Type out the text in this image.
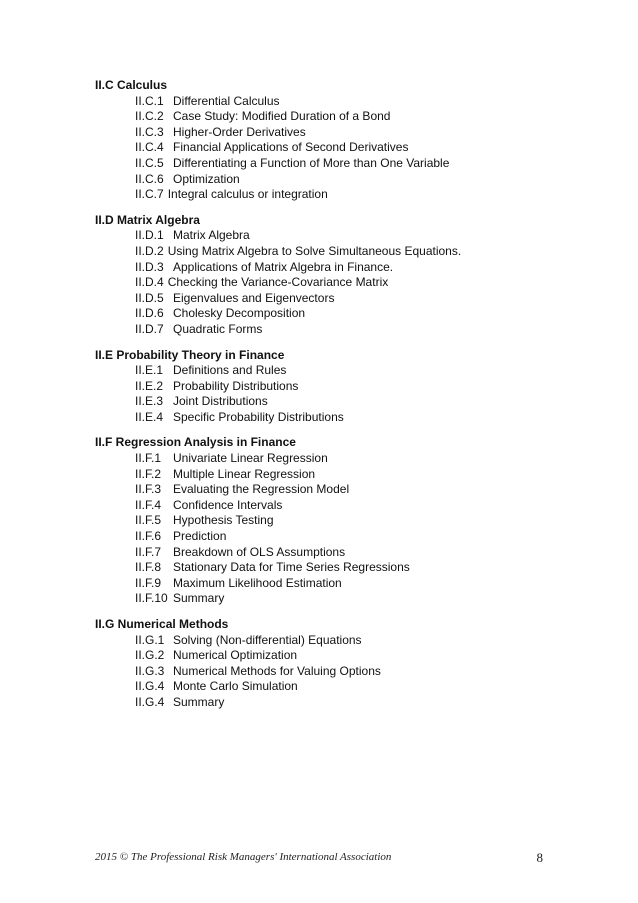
II.C Calculus
II.C.1 Differential Calculus
II.C.2 Case Study: Modified Duration of a Bond
II.C.3 Higher-Order Derivatives
II.C.4 Financial Applications of Second Derivatives
II.C.5 Differentiating a Function of More than One Variable
II.C.6 Optimization
II.C.7 Integral calculus or integration
II.D Matrix Algebra
II.D.1 Matrix Algebra
II.D.2 Using Matrix Algebra to Solve Simultaneous Equations.
II.D.3 Applications of Matrix Algebra in Finance.
II.D.4 Checking the Variance-Covariance Matrix
II.D.5 Eigenvalues and Eigenvectors
II.D.6 Cholesky Decomposition
II.D.7 Quadratic Forms
II.E Probability Theory in Finance
II.E.1 Definitions and Rules
II.E.2 Probability Distributions
II.E.3 Joint Distributions
II.E.4 Specific Probability Distributions
II.F Regression Analysis in Finance
II.F.1 Univariate Linear Regression
II.F.2 Multiple Linear Regression
II.F.3 Evaluating the Regression Model
II.F.4 Confidence Intervals
II.F.5 Hypothesis Testing
II.F.6 Prediction
II.F.7 Breakdown of OLS Assumptions
II.F.8 Stationary Data for Time Series Regressions
II.F.9 Maximum Likelihood Estimation
II.F.10 Summary
II.G Numerical Methods
II.G.1 Solving (Non-differential) Equations
II.G.2 Numerical Optimization
II.G.3 Numerical Methods for Valuing Options
II.G.4 Monte Carlo Simulation
II.G.4 Summary
2015 © The Professional Risk Managers' International Association	8
